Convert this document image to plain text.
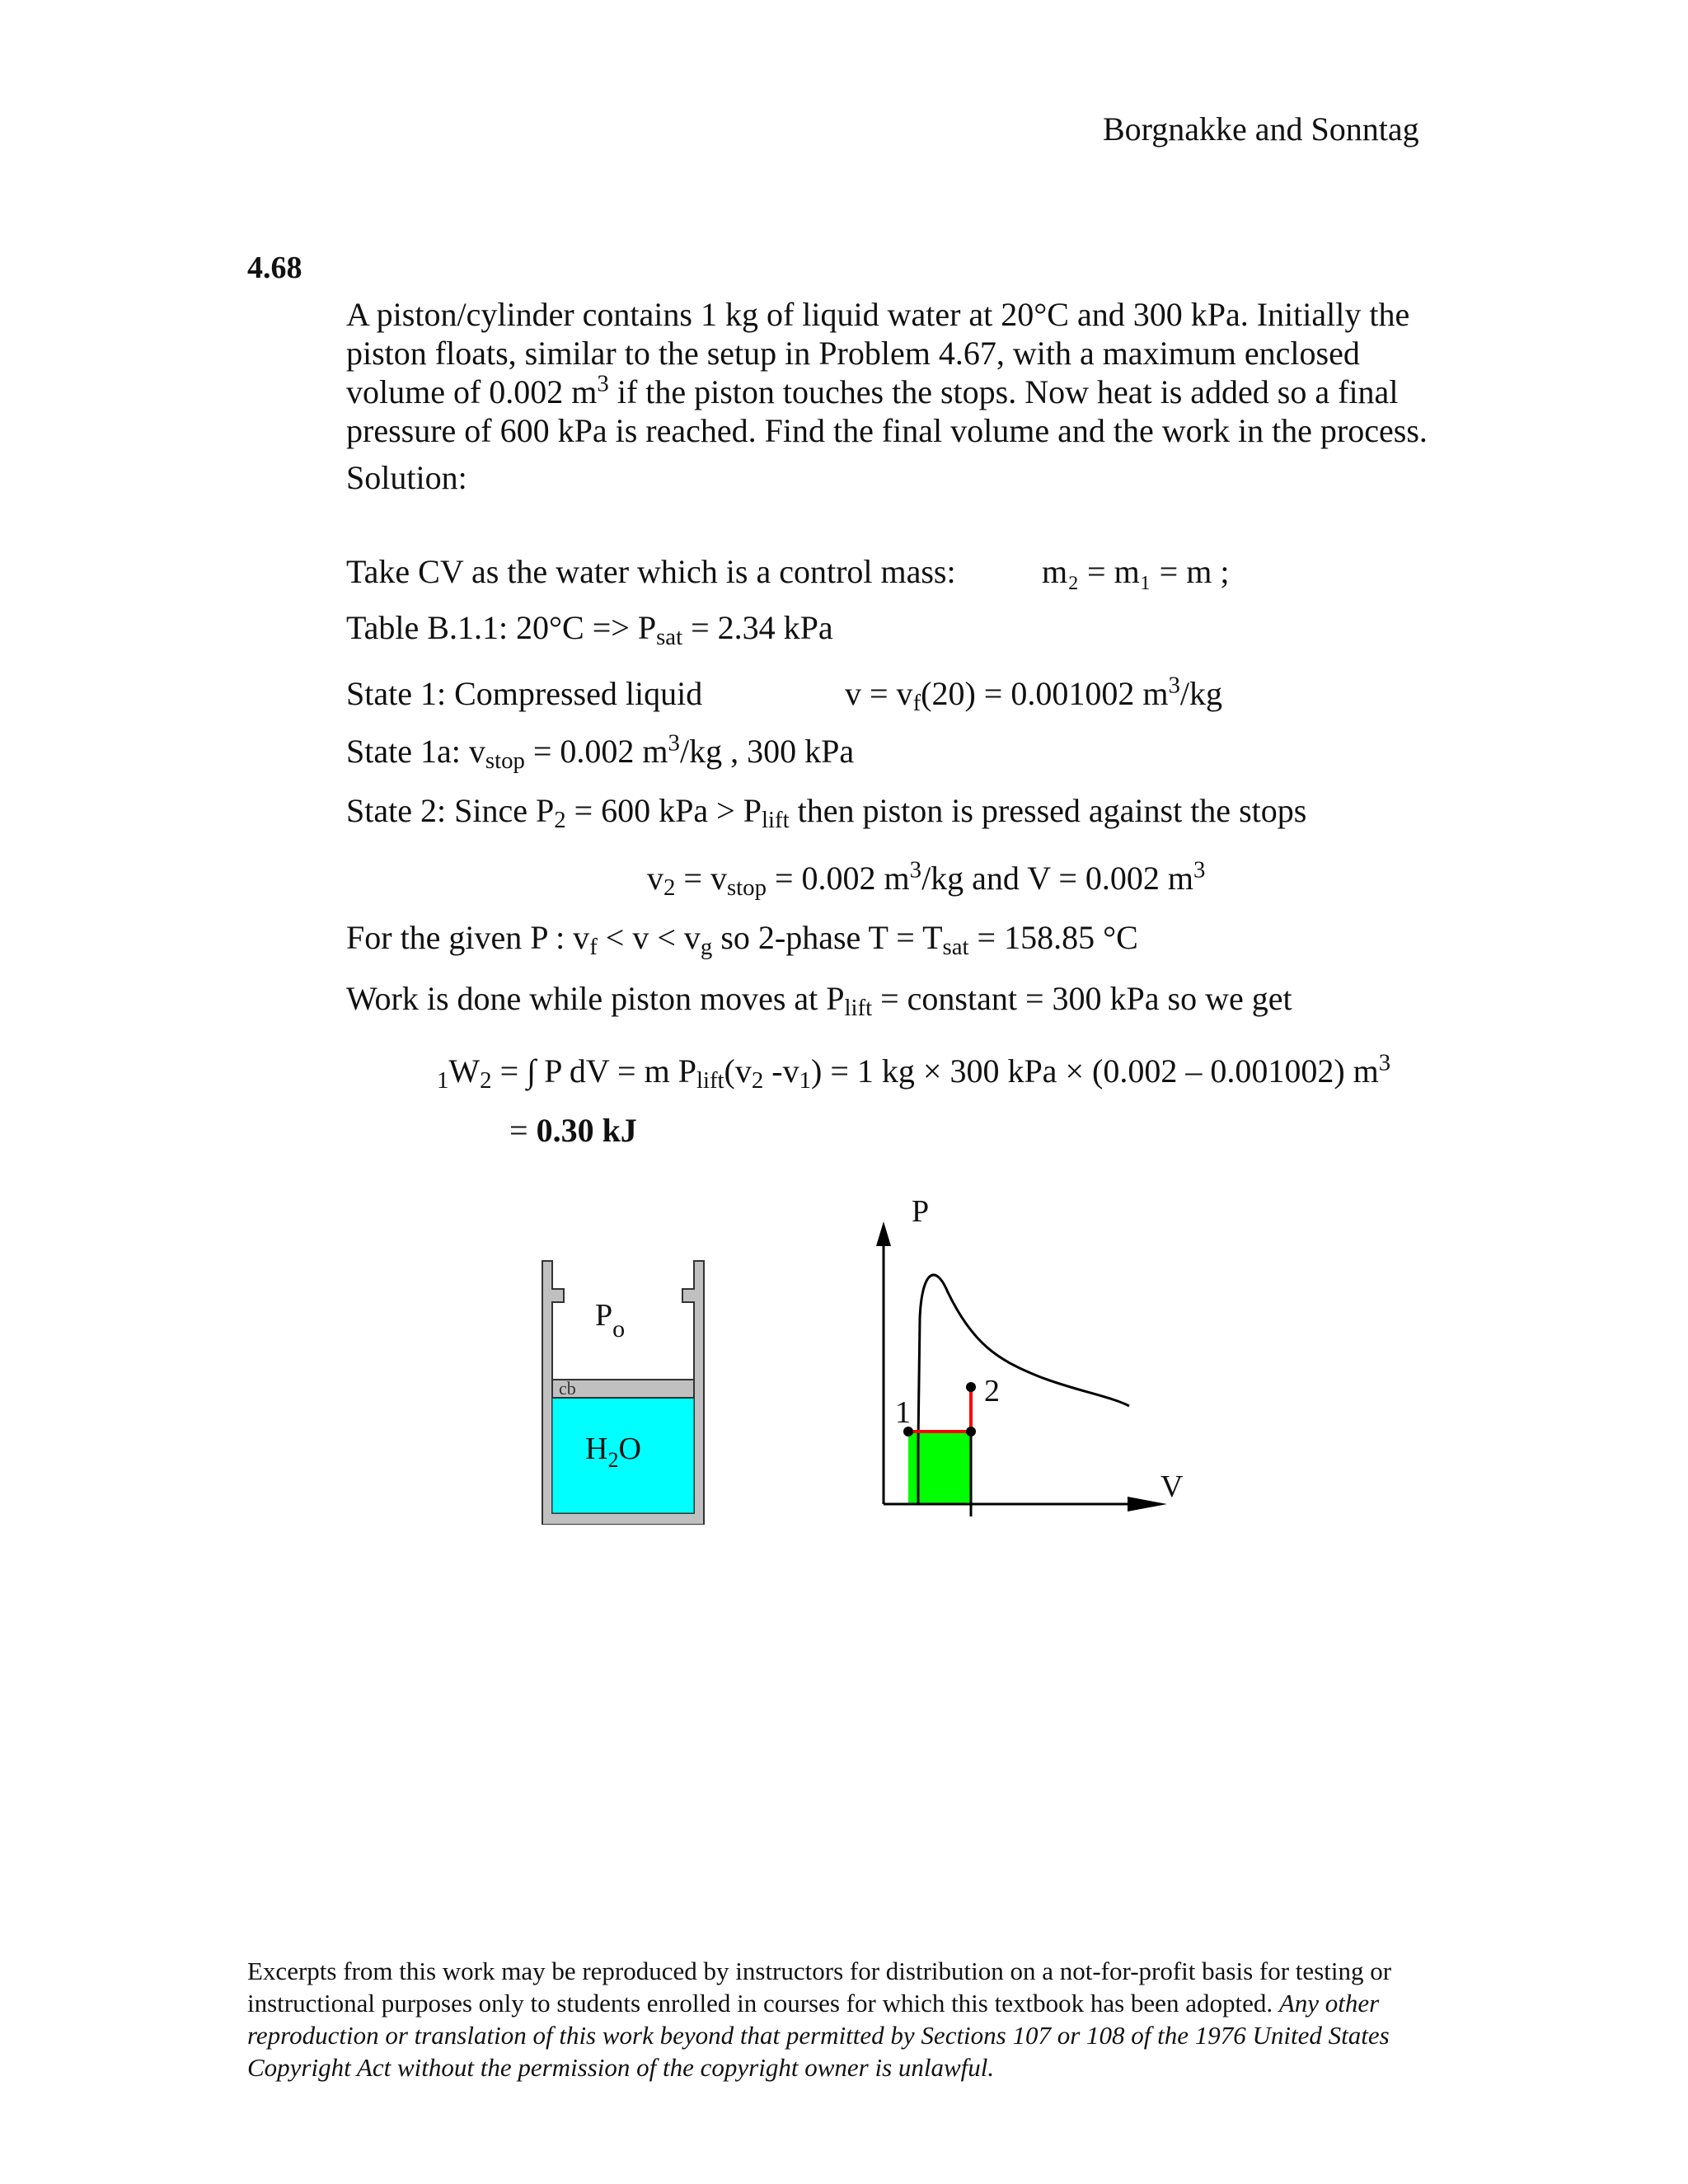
Borgnakke and Sonntag
4.68
A piston/cylinder contains 1 kg of liquid water at 20°C and 300 kPa. Initially the piston floats, similar to the setup in Problem 4.67, with a maximum enclosed volume of 0.002 $m^3$ if the piston touches the stops. Now heat is added so a final pressure of 600 kPa is reached. Find the final volume and the work in the process.
Solution:
Take CV as the water which is a control mass:	m₂ = m₁ = m ;
Table B.1.1: $20^\circ C => P_{sat} = 2.34$ kPa
State 1: Compressed liquid	$v = v_f(20) = 0.001002$ $m^3/kg$
State 1a: $v_{stop} = 0.002$ $m^3/kg$ , 300 kPa
State 2: Since $P_2 = 600$ kPa > $P_{lift}$ then piston is pressed against the stops
$v_2 = v_{stop} = 0.002$ $m^3/kg$ and V = 0.002 $m^3$
For the given P : $v_f < v < v_g$ so 2-phase $T = T_{sat} = 158.85$ °C
Work is done while piston moves at $P_{lift}$ = constant = 300 kPa so we get
$_1W_2$ = ∫ P dV = m $P_{lift}(v_2$ $-v_1) = 1$ kg × 300 kPa × (0.002 – 0.001002) $m^3$
= 0.30 kJ
cb
$P_o$
$H_2O$
P
V
1
2
Excerpts from this work may be reproduced by instructors for distribution on a not-for-profit basis for testing or instructional purposes only to students enrolled in courses for which this textbook has been adopted. Any other reproduction or translation of this work beyond that permitted by Sections 107 or 108 of the 1976 United States Copyright Act without the permission of the copyright owner is unlawful.
